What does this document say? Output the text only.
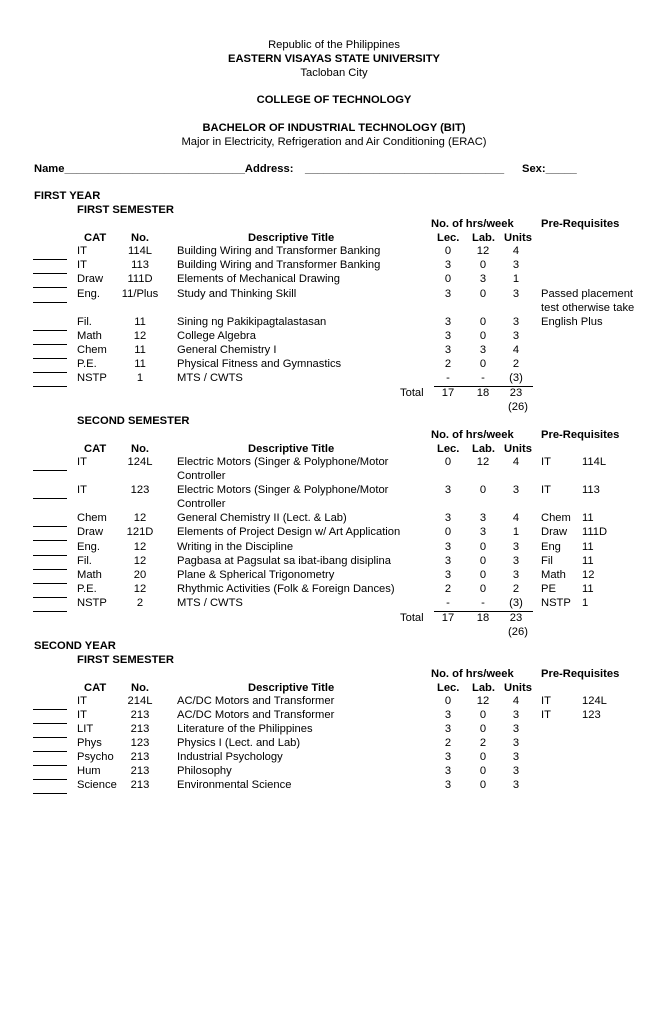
Republic of the Philippines
EASTERN VISAYAS STATE UNIVERSITY
Tacloban City
COLLEGE OF TECHNOLOGY
BACHELOR OF INDUSTRIAL TECHNOLOGY (BIT)
Major in Electricity, Refrigeration and Air Conditioning (ERAC)
Name_____________________________Address: ________________________________ Sex:_____
FIRST YEAR
FIRST SEMESTER
No. of hrs/week Pre-Requisites
CAT	No.	Descriptive Title	Lec. Lab. Units
IT	114L	Building Wiring and Transformer Banking	0	12	4
IT	113	Building Wiring and Transformer Banking	3	0	3
Draw	111D	Elements of Mechanical Drawing	0	3	1
Eng.	11/Plus	Study and Thinking Skill	3	0	3	Passed placement
test otherwise take
Fil.	11	Sining ng Pakikipagtalastasan	3	0	3	English Plus
Math	12	College Algebra	3	0	3
Chem	11	General Chemistry I	3	3	4
P.E.	11	Physical Fitness and Gymnastics	2	0	2
NSTP	1	MTS / CWTS	-	-	(3)
Total	17	18	23
(26)
SECOND SEMESTER
No. of hrs/week Pre-Requisites
CAT	No.	Descriptive Title	Lec. Lab. Units
IT	124L	Electric Motors (Singer & Polyphone/Motor	0	12	4	IT	114L
Controller
IT	123	Electric Motors (Singer & Polyphone/Motor	3	0	3	IT	113
Controller
Chem	12	General Chemistry II (Lect. & Lab)	3	3	4	Chem 11
Draw	121D	Elements of Project Design w/ Art Application	0	3	1	Draw 111D
Eng.	12	Writing in the Discipline	3	0	3	Eng 11
Fil.	12	Pagbasa at Pagsulat sa ibat-ibang disiplina	3	0	3	Fil	11
Math	20	Plane & Spherical Trigonometry	3	0	3	Math 12
P.E.	12	Rhythmic Activities (Folk & Foreign Dances)	2	0	2	PE 11
NSTP	2	MTS / CWTS	-	-	(3)	NSTP 1
Total	17	18	23
(26)
SECOND YEAR
FIRST SEMESTER
No. of hrs/week Pre-Requisites
CAT	No.	Descriptive Title	Lec. Lab. Units
IT	214L	AC/DC Motors and Transformer	0	12	4	IT	124L
IT	213	AC/DC Motors and Transformer	3	0	3	IT	123
LIT	213	Literature of the Philippines	3	0	3
Phys	123	Physics I (Lect. and Lab)	2	2	3
Psycho	213	Industrial Psychology	3	0	3
Hum	213	Philosophy	3	0	3
Science	213	Environmental Science	3	0	3
